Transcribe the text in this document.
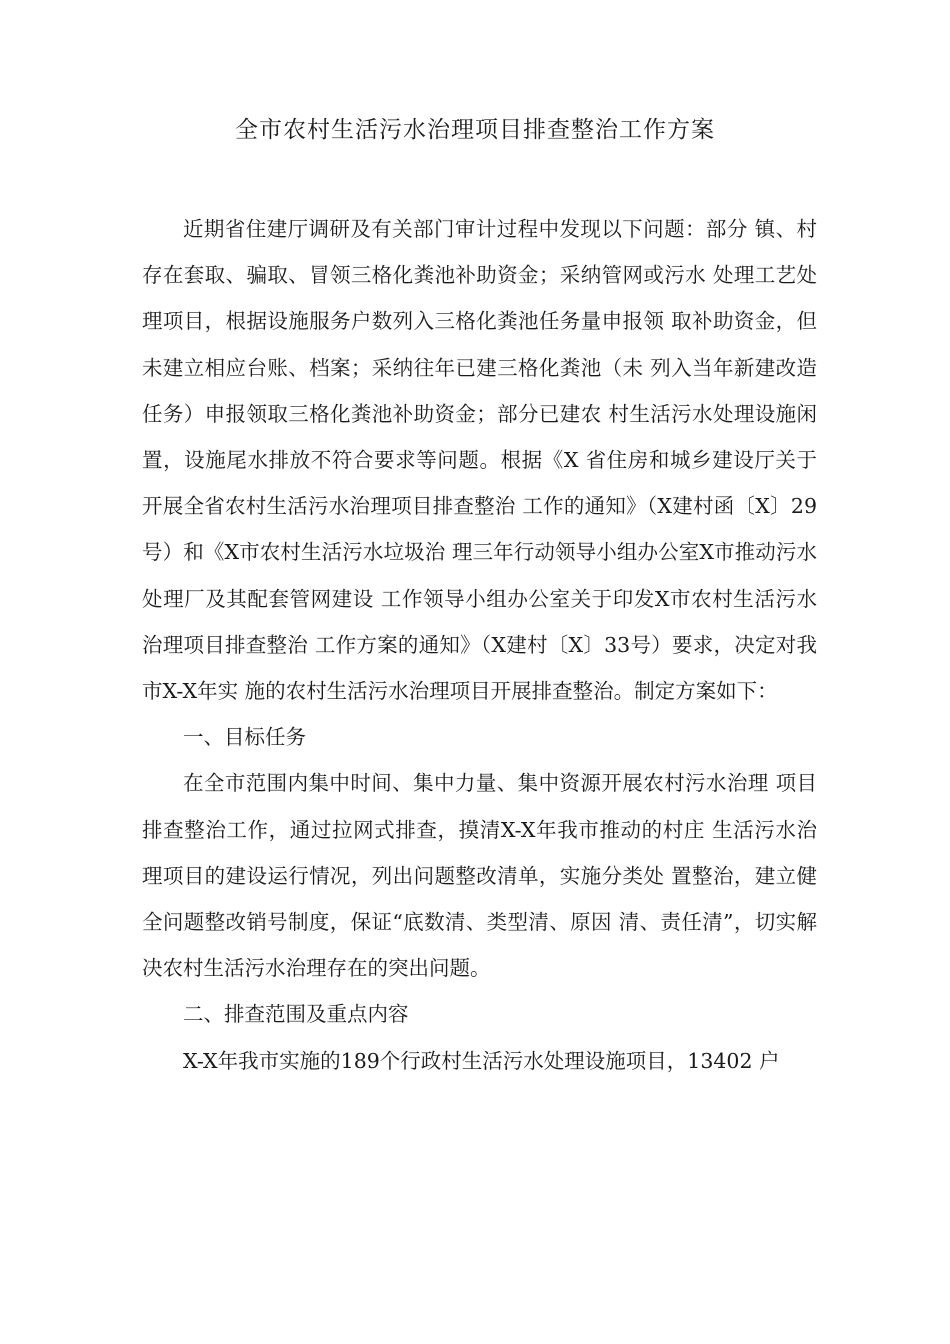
全市农村生活污水治理项目排查整治工作方案

近期省住建厅调研及有关部门审计过程中发现以下问题：部分 镇、村存在套取、骗取、冒领三格化粪池补助资金；采纳管网或污水 处理工艺处理项目，根据设施服务户数列入三格化粪池任务量申报领 取补助资金，但未建立相应台账、档案；采纳往年已建三格化粪池（未 列入当年新建改造任务）申报领取三格化粪池补助资金；部分已建农 村生活污水处理设施闲置，设施尾水排放不符合要求等问题。根据《X 省住房和城乡建设厅关于开展全省农村生活污水治理项目排查整治 工作的通知》（X建村函〔X〕29号）和《X市农村生活污水垃圾治 理三年行动领导小组办公室X市推动污水处理厂及其配套管网建设 工作领导小组办公室关于印发X市农村生活污水治理项目排查整治 工作方案的通知》（X建村〔X〕33号）要求，决定对我市X-X年实 施的农村生活污水治理项目开展排查整治。制定方案如下：

一、目标任务

在全市范围内集中时间、集中力量、集中资源开展农村污水治理 项目排查整治工作，通过拉网式排查，摸清X-X年我市推动的村庄 生活污水治理项目的建设运行情况，列出问题整改清单，实施分类处 置整治，建立健全问题整改销号制度，保证“底数清、类型清、原因 清、责任清”，切实解决农村生活污水治理存在的突出问题。

二、排查范围及重点内容

X-X年我市实施的189个行政村生活污水处理设施项目，13402 户
